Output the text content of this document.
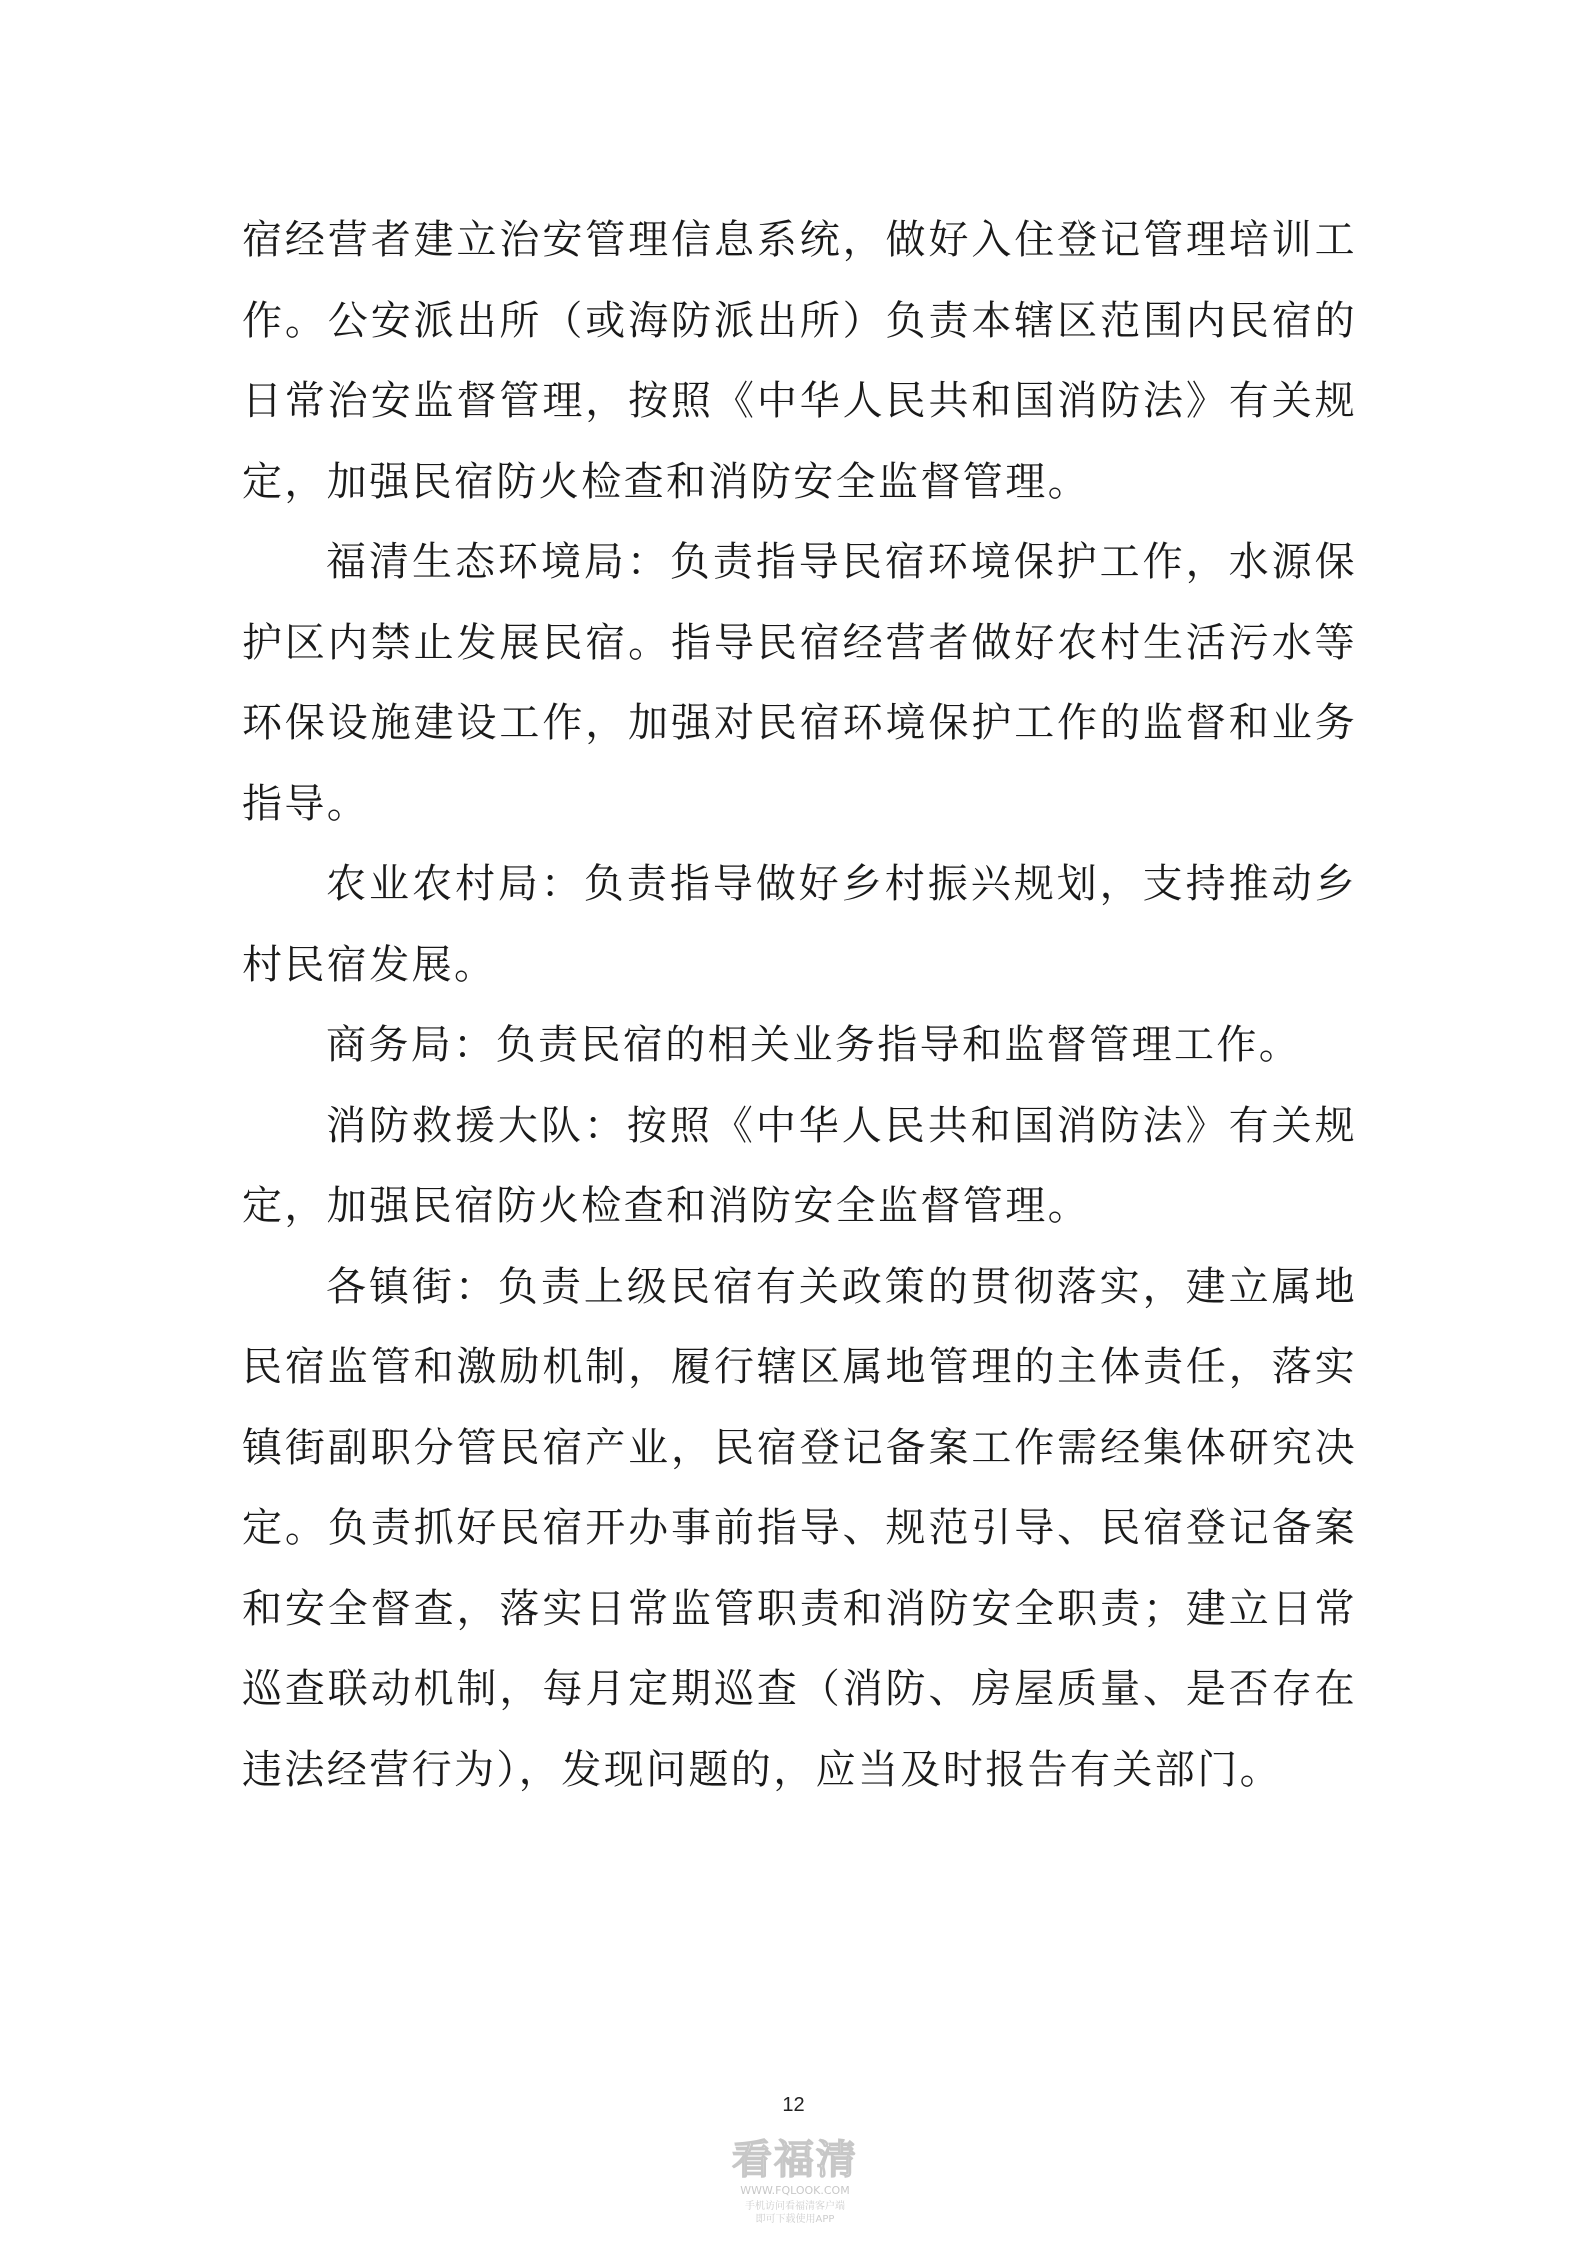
宿经营者建立治安管理信息系统，做好入住登记管理培训工作。公安派出所（或海防派出所）负责本辖区范围内民宿的日常治安监督管理，按照《中华人民共和国消防法》有关规定，加强民宿防火检查和消防安全监督管理。

福清生态环境局：负责指导民宿环境保护工作，水源保护区内禁止发展民宿。指导民宿经营者做好农村生活污水等环保设施建设工作，加强对民宿环境保护工作的监督和业务指导。

农业农村局：负责指导做好乡村振兴规划，支持推动乡村民宿发展。

商务局：负责民宿的相关业务指导和监督管理工作。

消防救援大队：按照《中华人民共和国消防法》有关规定，加强民宿防火检查和消防安全监督管理。

各镇街：负责上级民宿有关政策的贯彻落实，建立属地民宿监管和激励机制，履行辖区属地管理的主体责任，落实镇街副职分管民宿产业，民宿登记备案工作需经集体研究决定。负责抓好民宿开办事前指导、规范引导、民宿登记备案和安全督查，落实日常监管职责和消防安全职责；建立日常巡查联动机制，每月定期巡查（消防、房屋质量、是否存在违法经营行为），发现问题的，应当及时报告有关部门。

12
看福清
WWW.FQLOOK.COM
手机访问看福清客户端
即可下载使用APP
